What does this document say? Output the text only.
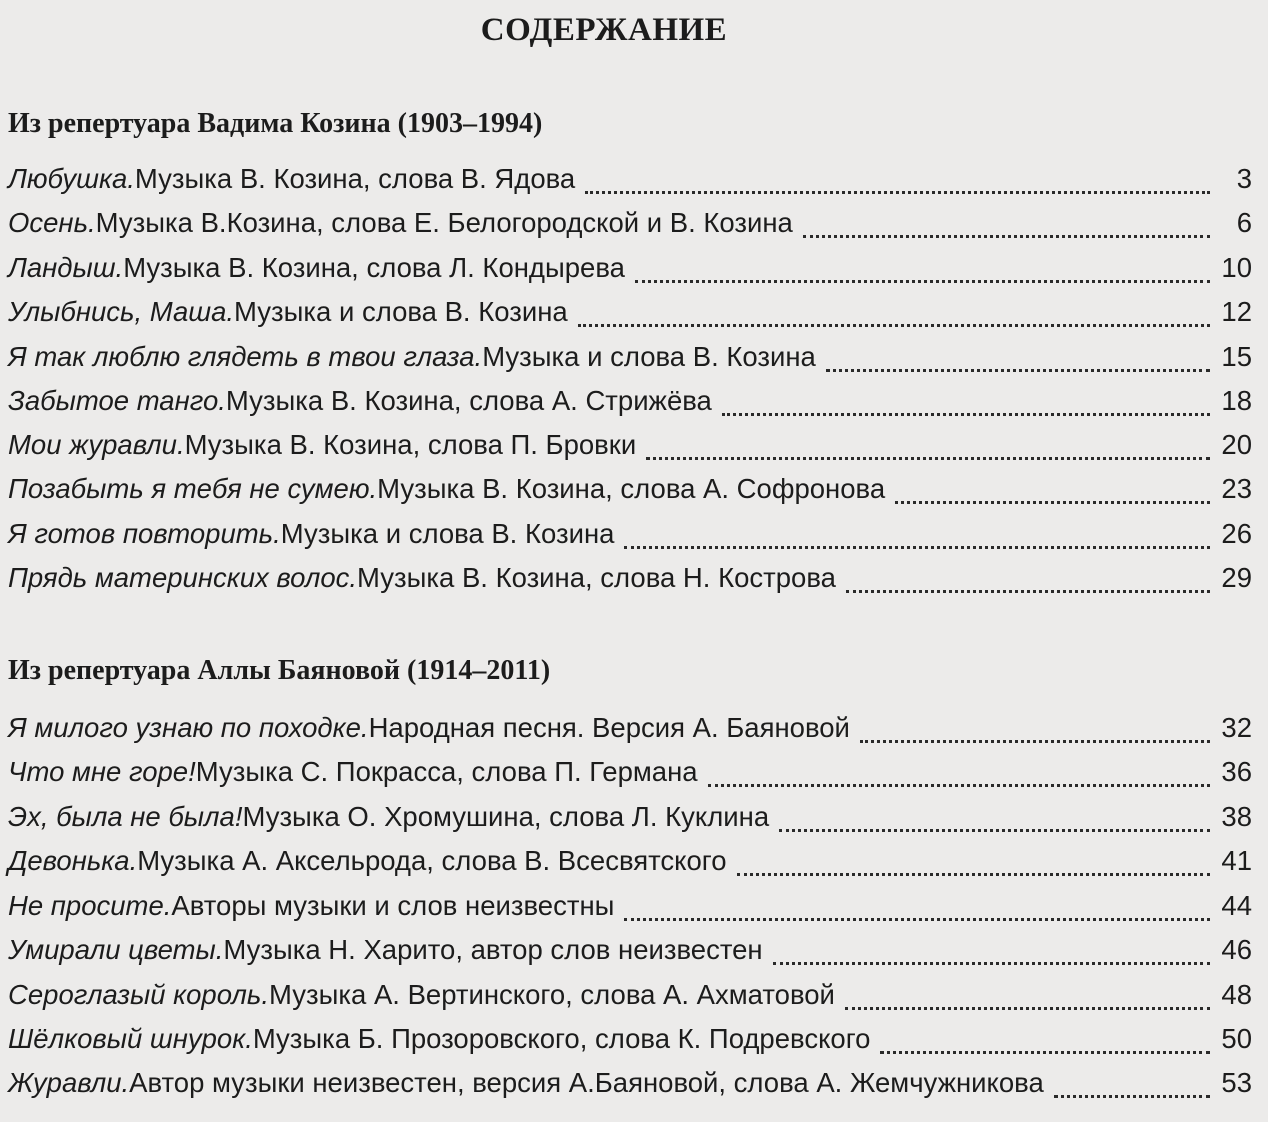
СОДЕРЖАНИЕ
Из репертуара Вадима Козина (1903–1994)
Любушка. Музыка В. Козина, слова В. Ядова	3
Осень. Музыка В.Козина, слова Е. Белогородской и В. Козина	6
Ландыш. Музыка В. Козина, слова Л. Кондырева	10
Улыбнись, Маша. Музыка и слова В. Козина	12
Я так люблю глядеть в твои глаза. Музыка и слова В. Козина	15
Забытое танго. Музыка В. Козина, слова А. Стрижёва	18
Мои журавли. Музыка В. Козина, слова П. Бровки	20
Позабыть я тебя не сумею. Музыка В. Козина, слова А. Софронова	23
Я готов повторить. Музыка и слова В. Козина	26
Прядь материнских волос. Музыка В. Козина, слова Н. Кострова	29
Из репертуара Аллы Баяновой (1914–2011)
Я милого узнаю по походке. Народная песня. Версия А. Баяновой	32
Что мне горе! Музыка С. Покрасса, слова П. Германа	36
Эх, была не была! Музыка О. Хромушина, слова Л. Куклина	38
Девонька. Музыка А. Аксельрода, слова В. Всесвятского	41
Не просите. Авторы музыки и слов неизвестны	44
Умирали цветы. Музыка Н. Харито, автор слов неизвестен	46
Сероглазый король. Музыка А. Вертинского, слова А. Ахматовой	48
Шёлковый шнурок. Музыка Б. Прозоровского, слова К. Подревского	50
Журавли. Автор музыки неизвестен, версия А.Баяновой, слова А. Жемчужникова	53
